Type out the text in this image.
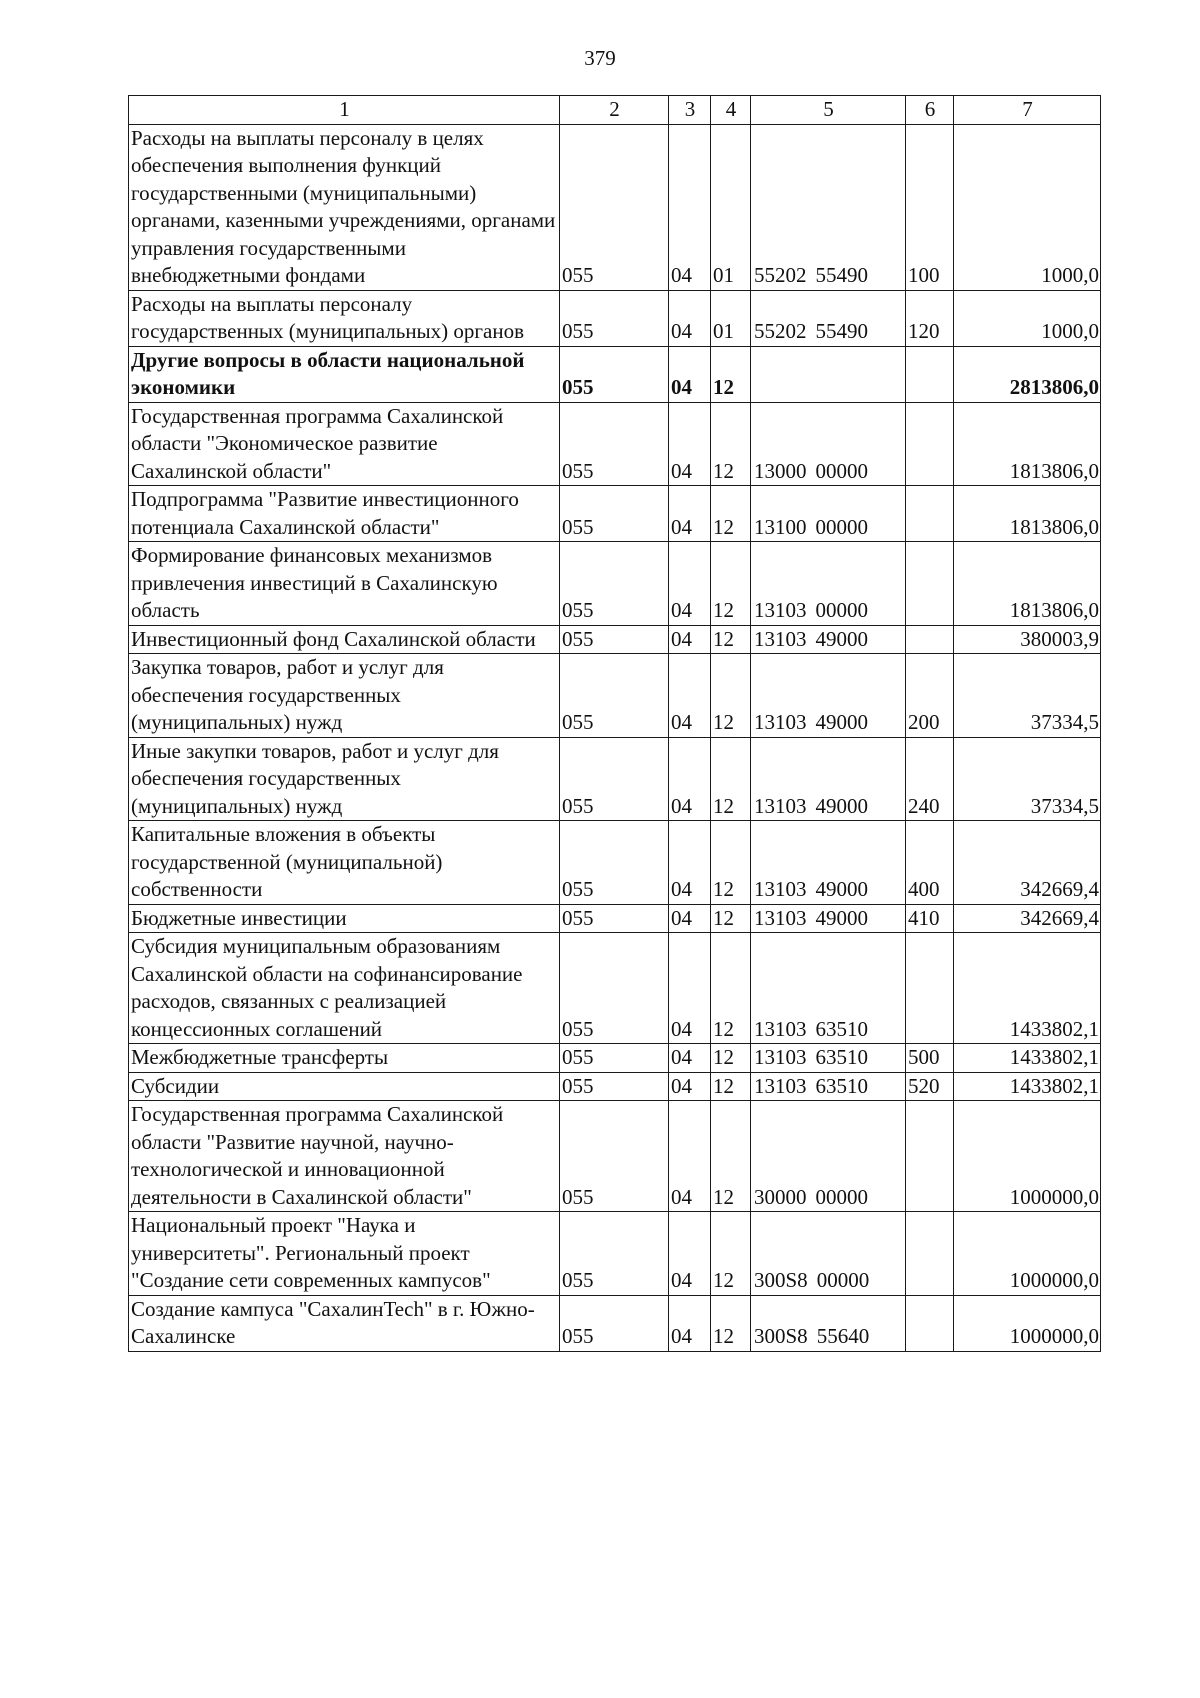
379
1	2	3	4	5	6	7
Расходы на выплаты персоналу в целях обеспечения выполнения функций государственными (муниципальными) органами, казенными учреждениями, органами управления государственными внебюджетными фондами	055	04	01	55202 55490	100	1000,0
Расходы на выплаты персоналу государственных (муниципальных) органов	055	04	01	55202 55490	120	1000,0
Другие вопросы в области национальной экономики	055	04	12			2813806,0
Государственная программа Сахалинской области "Экономическое развитие Сахалинской области"	055	04	12	13000 00000		1813806,0
Подпрограмма "Развитие инвестиционного потенциала Сахалинской области"	055	04	12	13100 00000		1813806,0
Формирование финансовых механизмов привлечения инвестиций в Сахалинскую область	055	04	12	13103 00000		1813806,0
Инвестиционный фонд Сахалинской области	055	04	12	13103 49000		380003,9
Закупка товаров, работ и услуг для обеспечения государственных (муниципальных) нужд	055	04	12	13103 49000	200	37334,5
Иные закупки товаров, работ и услуг для обеспечения государственных (муниципальных) нужд	055	04	12	13103 49000	240	37334,5
Капитальные вложения в объекты государственной (муниципальной) собственности	055	04	12	13103 49000	400	342669,4
Бюджетные инвестиции	055	04	12	13103 49000	410	342669,4
Субсидия муниципальным образованиям Сахалинской области на софинансирование расходов, связанных с реализацией концессионных соглашений	055	04	12	13103 63510		1433802,1
Межбюджетные трансферты	055	04	12	13103 63510	500	1433802,1
Субсидии	055	04	12	13103 63510	520	1433802,1
Государственная программа Сахалинской области "Развитие научной, научно-технологической и инновационной деятельности в Сахалинской области"	055	04	12	30000 00000		1000000,0
Национальный проект "Наука и университеты". Региональный проект "Создание сети современных кампусов"	055	04	12	300S8 00000		1000000,0
Создание кампуса "СахалинTech" в г. Южно-Сахалинске	055	04	12	300S8 55640		1000000,0
